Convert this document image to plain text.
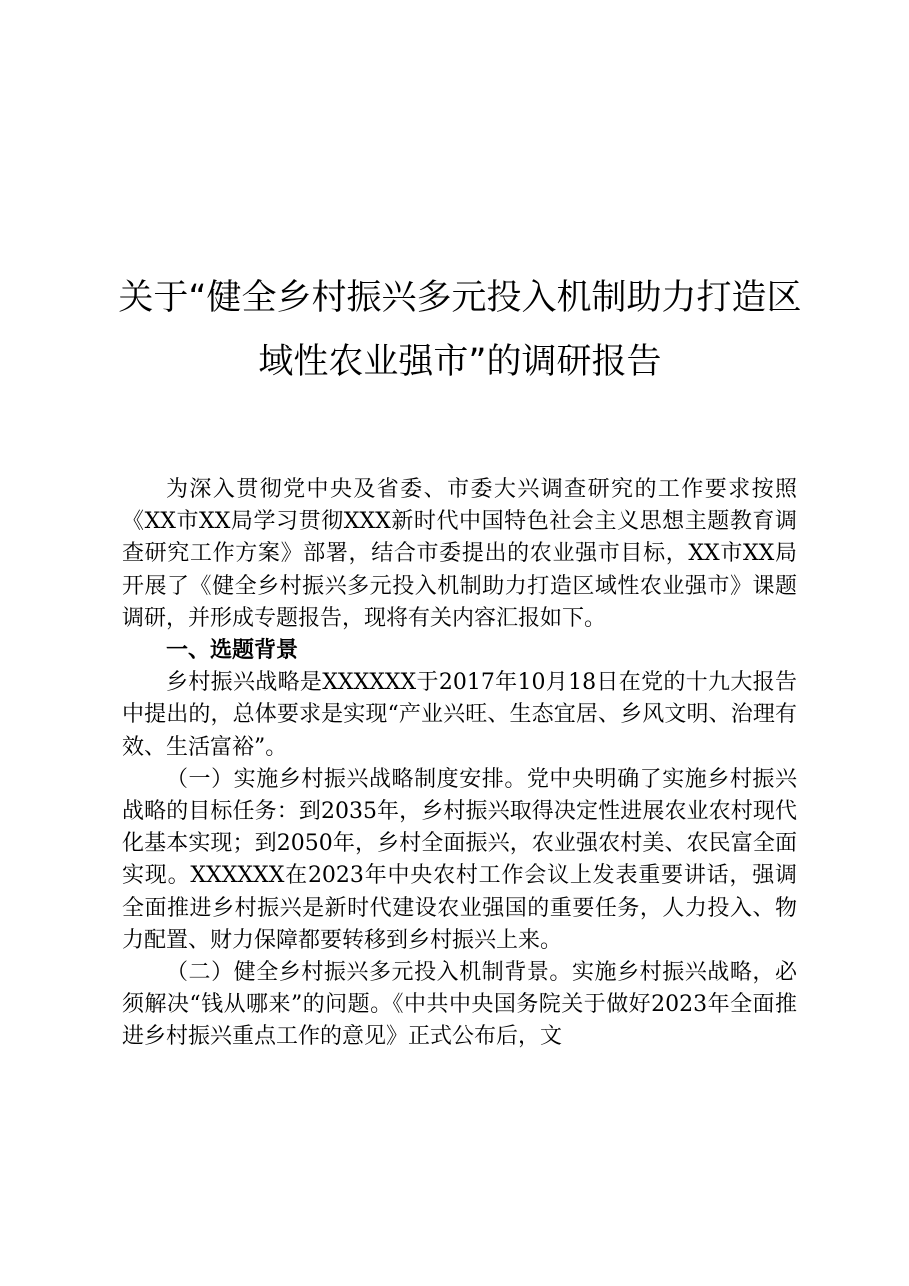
关于“健全乡村振兴多元投入机制助力打造区
域性农业强市”的调研报告

为深入贯彻党中央及省委、市委大兴调查研究的工作要求按照《XX市XX局学习贯彻XXX新时代中国特色社会主义思想主题教育调查研究工作方案》部署，结合市委提出的农业强市目标，XX市XX局开展了《健全乡村振兴多元投入机制助力打造区域性农业强市》课题调研，并形成专题报告，现将有关内容汇报如下。

一、选题背景

乡村振兴战略是XXXXXX于2017年10月18日在党的十九大报告中提出的，总体要求是实现“产业兴旺、生态宜居、乡风文明、治理有效、生活富裕”。

（一）实施乡村振兴战略制度安排。党中央明确了实施乡村振兴战略的目标任务：到2035年，乡村振兴取得决定性进展农业农村现代化基本实现；到2050年，乡村全面振兴，农业强农村美、农民富全面实现。XXXXXX在2023年中央农村工作会议上发表重要讲话，强调全面推进乡村振兴是新时代建设农业强国的重要任务，人力投入、物力配置、财力保障都要转移到乡村振兴上来。

（二）健全乡村振兴多元投入机制背景。实施乡村振兴战略，必须解决“钱从哪来”的问题。《中共中央国务院关于做好2023年全面推进乡村振兴重点工作的意见》正式公布后，文
